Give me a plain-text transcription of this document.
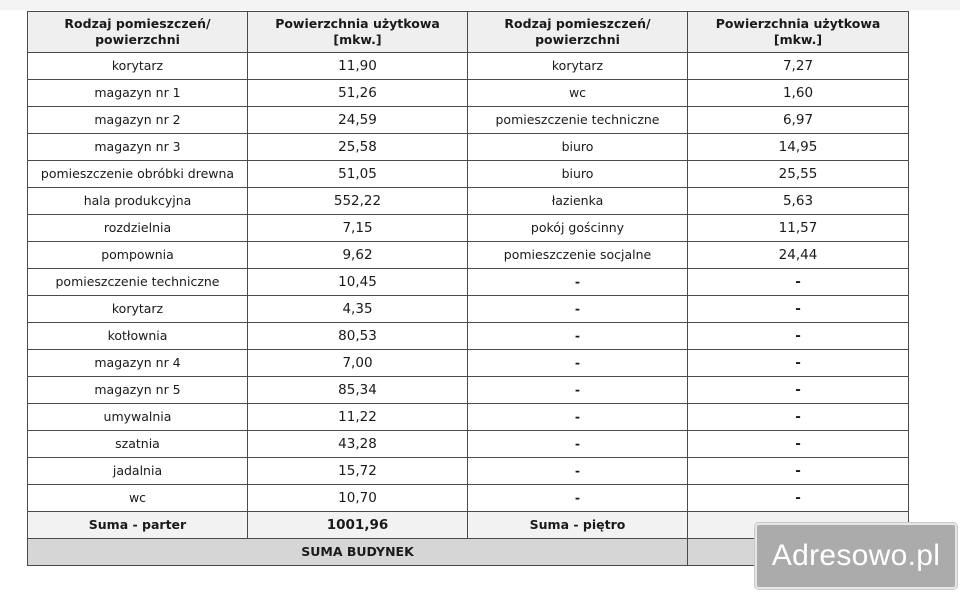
Rodzaj pomieszczeń/ powierzchni	Powierzchnia użytkowa [mkw.]	Rodzaj pomieszczeń/ powierzchni	Powierzchnia użytkowa [mkw.]
korytarz	11,90	korytarz	7,27
magazyn nr 1	51,26	wc	1,60
magazyn nr 2	24,59	pomieszczenie techniczne	6,97
magazyn nr 3	25,58	biuro	14,95
pomieszczenie obróbki drewna	51,05	biuro	25,55
hala produkcyjna	552,22	łazienka	5,63
rozdzielnia	7,15	pokój gościnny	11,57
pompownia	9,62	pomieszczenie socjalne	24,44
pomieszczenie techniczne	10,45	-	-
korytarz	4,35	-	-
kotłownia	80,53	-	-
magazyn nr 4	7,00	-	-
magazyn nr 5	85,34	-	-
umywalnia	11,22	-	-
szatnia	43,28	-	-
jadalnia	15,72	-	-
wc	10,70	-	-
Suma - parter	1001,96	Suma - piętro	
SUMA BUDYNEK				Adresowo.pl
